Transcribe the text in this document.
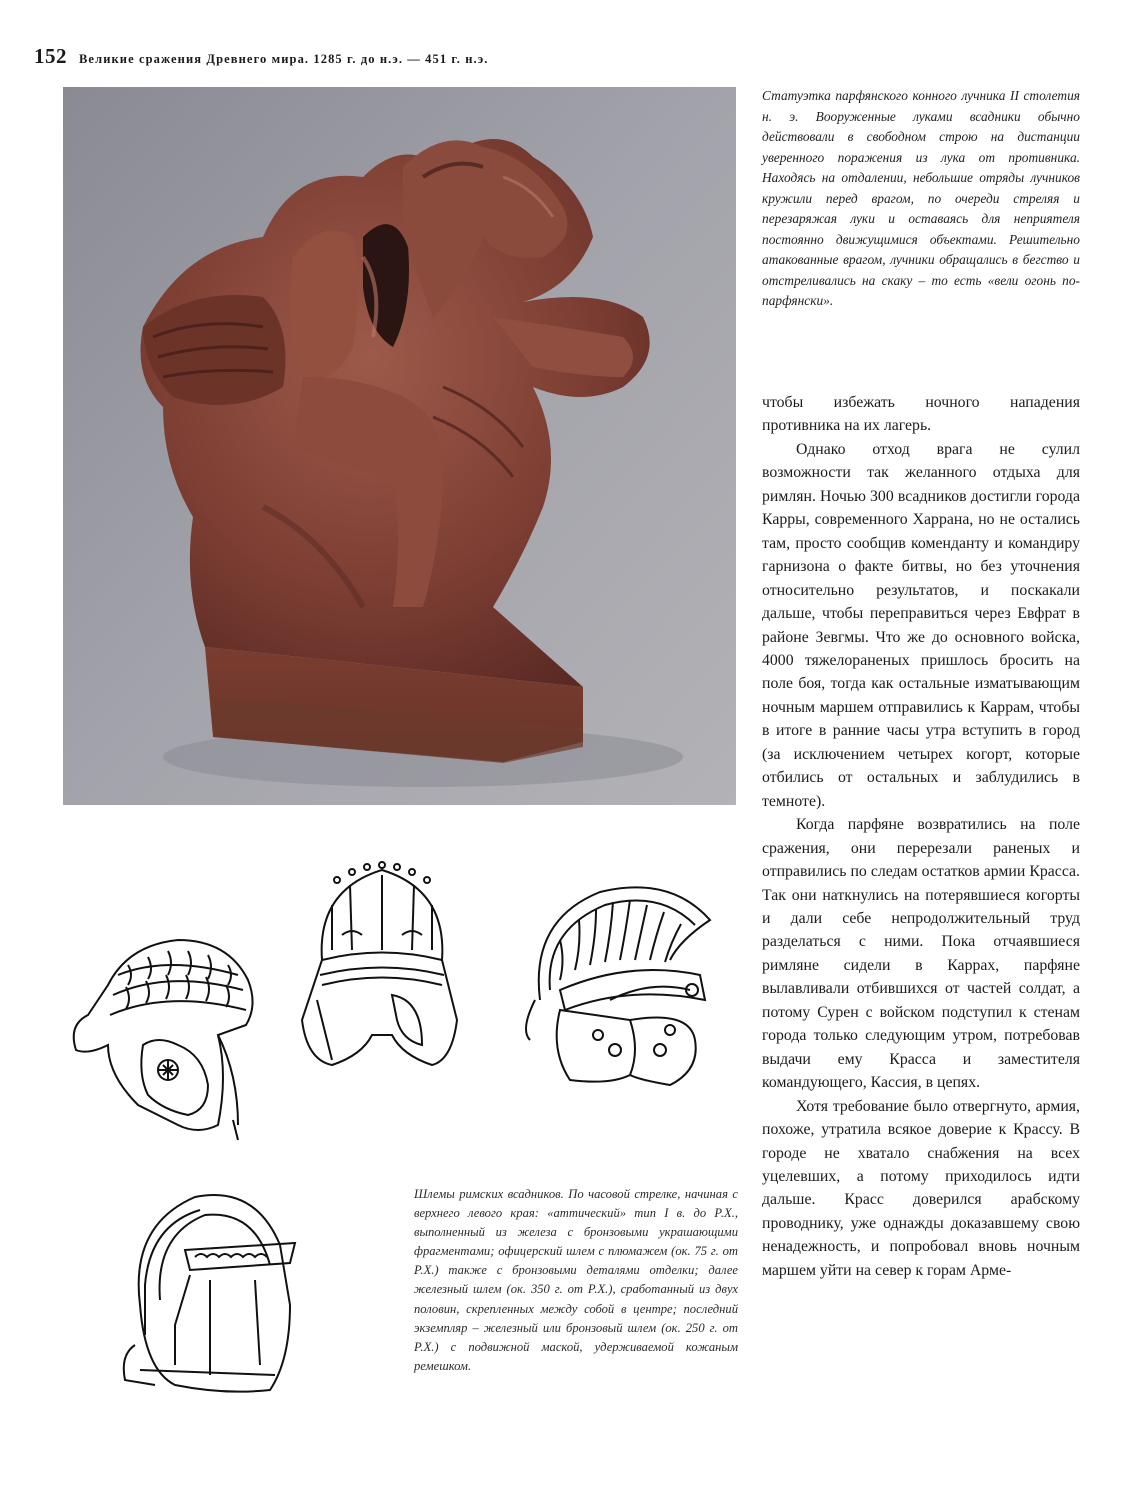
152 Великие сражения Древнего мира. 1285 г. до н.э. — 451 г. н.э.
Статуэтка парфянского конного лучника II столетия н. э. Вооруженные луками всадники обычно действовали в свободном строю на дистанции уверенного поражения из лука от противника. Находясь на отдалении, небольшие отряды лучников кружили перед врагом, по очереди стреляя и перезаряжая луки и оставаясь для неприятеля постоянно движущимися объектами. Решительно атакованные врагом, лучники обращались в бегство и отстреливались на скаку – то есть «вели огонь по-парфянски».

чтобы избежать ночного нападения противника на их лагерь.

Однако отход врага не сулил возможности так желанного отдыха для римлян. Ночью 300 всадников достигли города Карры, современного Харрана, но не остались там, просто сообщив коменданту и командиру гарнизона о факте битвы, но без уточнения относительно результатов, и поскакали дальше, чтобы переправиться через Евфрат в районе Зевгмы. Что же до основного войска, 4000 тяжелораненых пришлось бросить на поле боя, тогда как остальные изматывающим ночным маршем отправились к Каррам, чтобы в итоге в ранние часы утра вступить в город (за исключением четырех когорт, которые отбились от остальных и заблудились в темноте).

Когда парфяне возвратились на поле сражения, они перерезали раненых и отправились по следам остатков армии Красса. Так они наткнулись на потерявшиеся когорты и дали себе непродолжительный труд разделаться с ними. Пока отчаявшиеся римляне сидели в Каррах, парфяне вылавливали отбившихся от частей солдат, а потому Сурен с войском подступил к стенам города только следующим утром, потребовав выдачи ему Красса и заместителя командующего, Кассия, в цепях.

Хотя требование было отвергнуто, армия, похоже, утратила всякое доверие к Крассу. В городе не хватало снабжения на всех уцелевших, а потому приходилось идти дальше. Красс доверился арабскому проводнику, уже однажды доказавшему свою ненадежность, и попробовал вновь ночным маршем уйти на север к горам Арме-

Шлемы римских всадников. По часовой стрелке, начиная с верхнего левого края: «аттический» тип I в. до Р.Х., выполненный из железа с бронзовыми украшающими фрагментами; офицерский шлем с плюмажем (ок. 75 г. от Р.Х.) также с бронзовыми деталями отделки; далее железный шлем (ок. 350 г. от Р.Х.), сработанный из двух половин, скрепленных между собой в центре; последний экземпляр – железный или бронзовый шлем (ок. 250 г. от Р.Х.) с подвижной маской, удерживаемой кожаным ремешком.
